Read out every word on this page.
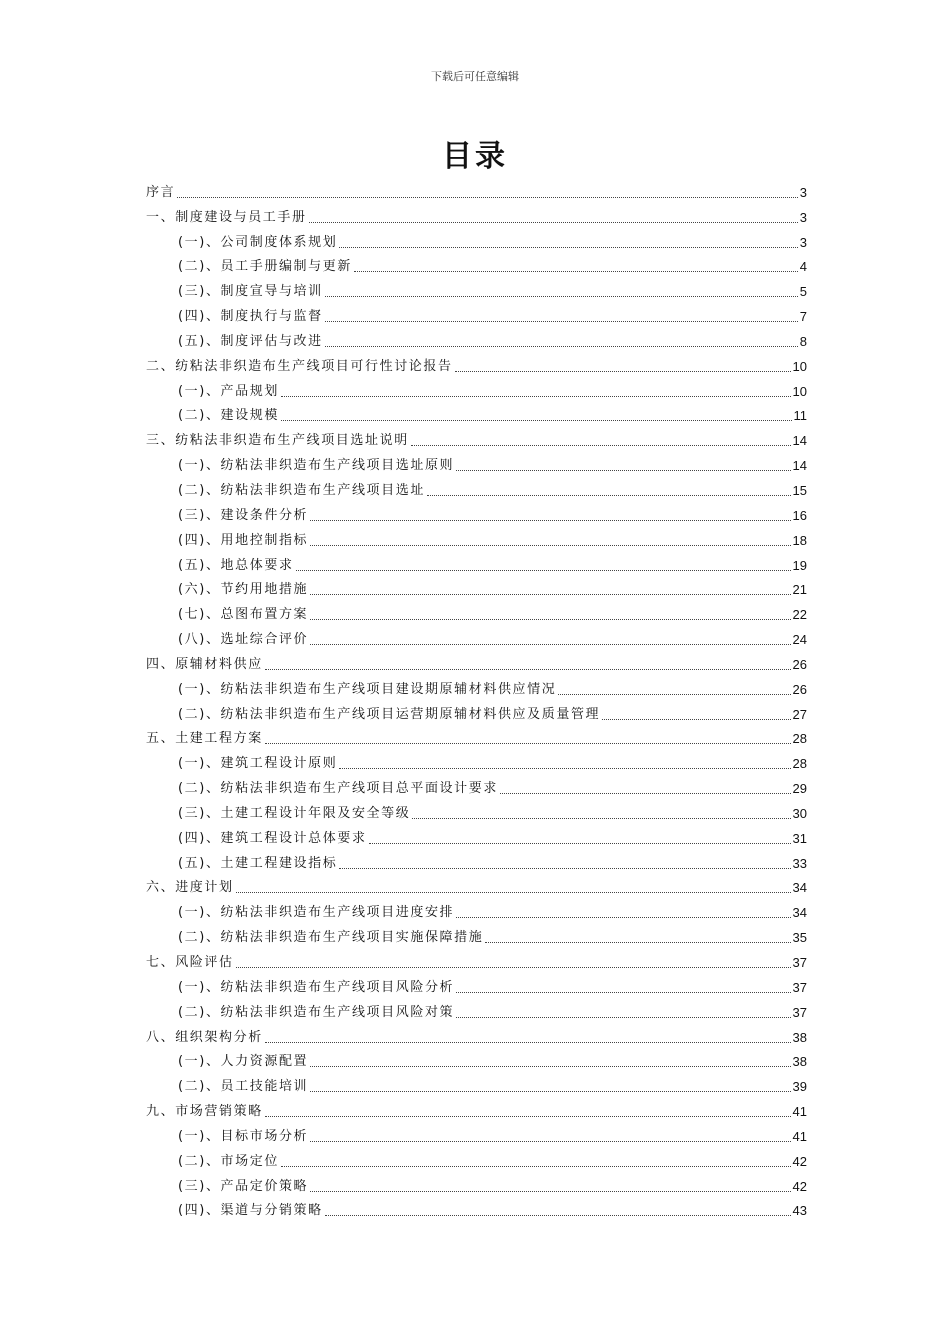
下载后可任意编辑
目录
序言	3
一、制度建设与员工手册	3
(一)、公司制度体系规划	3
(二)、员工手册编制与更新	4
(三)、制度宣导与培训	5
(四)、制度执行与监督	7
(五)、制度评估与改进	8
二、纺粘法非织造布生产线项目可行性讨论报告	10
(一)、产品规划	10
(二)、建设规模	11
三、纺粘法非织造布生产线项目选址说明	14
(一)、纺粘法非织造布生产线项目选址原则	14
(二)、纺粘法非织造布生产线项目选址	15
(三)、建设条件分析	16
(四)、用地控制指标	18
(五)、地总体要求	19
(六)、节约用地措施	21
(七)、总图布置方案	22
(八)、选址综合评价	24
四、原辅材料供应	26
(一)、纺粘法非织造布生产线项目建设期原辅材料供应情况	26
(二)、纺粘法非织造布生产线项目运营期原辅材料供应及质量管理	27
五、土建工程方案	28
(一)、建筑工程设计原则	28
(二)、纺粘法非织造布生产线项目总平面设计要求	29
(三)、土建工程设计年限及安全等级	30
(四)、建筑工程设计总体要求	31
(五)、土建工程建设指标	33
六、进度计划	34
(一)、纺粘法非织造布生产线项目进度安排	34
(二)、纺粘法非织造布生产线项目实施保障措施	35
七、风险评估	37
(一)、纺粘法非织造布生产线项目风险分析	37
(二)、纺粘法非织造布生产线项目风险对策	37
八、组织架构分析	38
(一)、人力资源配置	38
(二)、员工技能培训	39
九、市场营销策略	41
(一)、目标市场分析	41
(二)、市场定位	42
(三)、产品定价策略	42
(四)、渠道与分销策略	43
